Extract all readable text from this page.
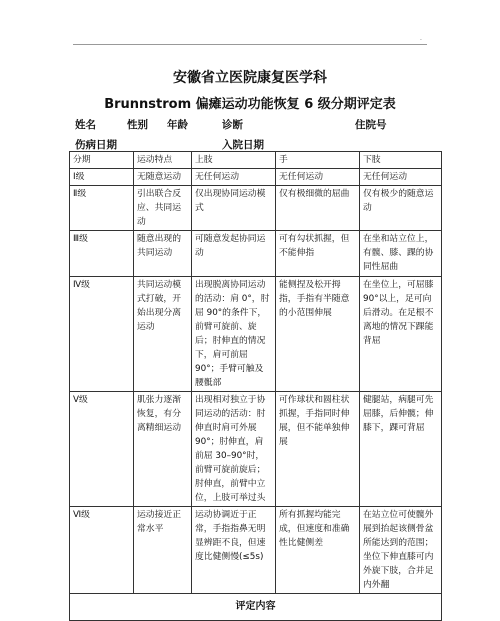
·
安徽省立医院康复医学科
Brunnstrom 偏瘫运动功能恢复 6 级分期评定表
姓名	性别 年龄	诊断	住院号
伤病日期	入院日期
分期	运动特点	上肢	手	下肢
Ⅰ级	无随意运动	无任何运动	无任何运动	无任何运动
Ⅱ级	引出联合反应、共同运动	仅出现协同运动模式	仅有极细微的屈曲	仅有极少的随意运动
Ⅲ级	随意出现的共同运动	可随意发起协同运动	可有勾状抓握，但不能伸指	在坐和站立位上，有髋、膝、踝的协同性屈曲
Ⅳ级	共同运动模式打破，开始出现分离运动	出现脱离协同运动的活动：肩 0°，肘屈 90°的条件下，前臂可旋前、旋后；肘伸直的情况下，肩可前屈 90°；手臂可触及腰骶部	能侧捏及松开拇指，手指有半随意的小范围伸展	在坐位上，可屈膝 90°以上，足可向后滑动。在足根不离地的情况下踝能背屈
Ⅴ级	肌张力逐渐恢复，有分离精细运动	出现相对独立于协同运动的活动：肘伸直时肩可外展 90°；肘伸直，肩前屈 30–90°时，前臂可旋前旋后；肘伸直，前臂中立位，上肢可举过头	可作球状和圆柱状抓握，手指同时伸展，但不能单独伸展	健腿站，病腿可先屈膝，后伸髋；伸膝下，踝可背屈
Ⅵ级	运动接近正常水平	运动协调近于正常，手指指鼻无明显辨距不良，但速度比健侧慢(≤5s)	所有抓握均能完成，但速度和准确性比健侧差	在站立位可使髋外展到抬起该侧骨盆所能达到的范围；坐位下伸直膝可内外旋下肢，合并足内外翻
评定内容				
